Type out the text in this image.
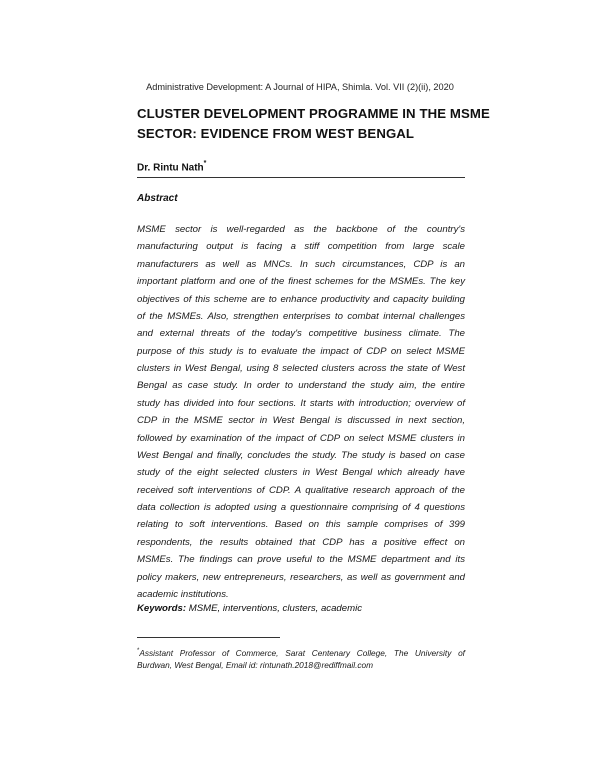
Administrative Development: A Journal of HIPA, Shimla. Vol. VII (2)(ii), 2020
CLUSTER DEVELOPMENT PROGRAMME IN THE MSME
SECTOR: EVIDENCE FROM WEST BENGAL
Dr. Rintu Nath*
Abstract
MSME sector is well-regarded as the backbone of the country's
manufacturing output is facing a stiff competition from large scale
manufacturers as well as MNCs. In such circumstances, CDP is an
important platform and one of the finest schemes for the MSMEs. The key
objectives of this scheme are to enhance productivity and capacity building
of the MSMEs. Also, strengthen enterprises to combat internal challenges
and external threats of the today's competitive business climate. The
purpose of this study is to evaluate the impact of CDP on select MSME
clusters in West Bengal, using 8 selected clusters across the state of West
Bengal as case study. In order to understand the study aim, the entire
study has divided into four sections. It starts with introduction; overview of
CDP in the MSME sector in West Bengal is discussed in next section,
followed by examination of the impact of CDP on select MSME clusters in
West Bengal and finally, concludes the study. The study is based on case
study of the eight selected clusters in West Bengal which already have
received soft interventions of CDP. A qualitative research approach of the
data collection is adopted using a questionnaire comprising of 4 questions
relating to soft interventions. Based on this sample comprises of 399
respondents, the results obtained that CDP has a positive effect on
MSMEs. The findings can prove useful to the MSME department and its
policy makers, new entrepreneurs, researchers, as well as government and
academic institutions.
Keywords: MSME, interventions, clusters, academic
*Assistant Professor of Commerce, Sarat Centenary College, The University of
Burdwan, West Bengal, Email id: rintunath.2018@rediffmail.com
